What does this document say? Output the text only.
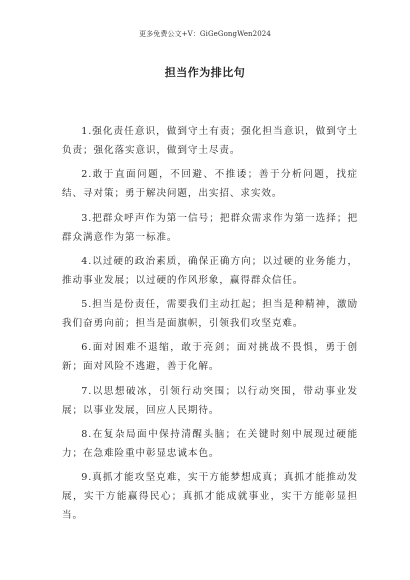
更多免费公文+V：GiGeGongWen2024
担当作为排比句

1.强化责任意识，做到守土有责；强化担当意识，做到守土负责；强化落实意识，做到守土尽责。

2.敢于直面问题，不回避、不推诿；善于分析问题，找症结、寻对策；勇于解决问题，出实招、求实效。

3.把群众呼声作为第一信号；把群众需求作为第一选择；把群众满意作为第一标准。

4.以过硬的政治素质，确保正确方向；以过硬的业务能力，推动事业发展；以过硬的作风形象，赢得群众信任。

5.担当是份责任，需要我们主动扛起；担当是种精神，激励我们奋勇向前；担当是面旗帜，引领我们攻坚克难。

6.面对困难不退缩，敢于亮剑；面对挑战不畏惧，勇于创新；面对风险不逃避，善于化解。

7.以思想破冰，引领行动突围；以行动突围，带动事业发展；以事业发展，回应人民期待。

8.在复杂局面中保持清醒头脑；在关键时刻中展现过硬能力；在急难险重中彰显忠诚本色。

9.真抓才能攻坚克难，实干方能梦想成真；真抓才能推动发展，实干方能赢得民心；真抓才能成就事业，实干方能彰显担当。
